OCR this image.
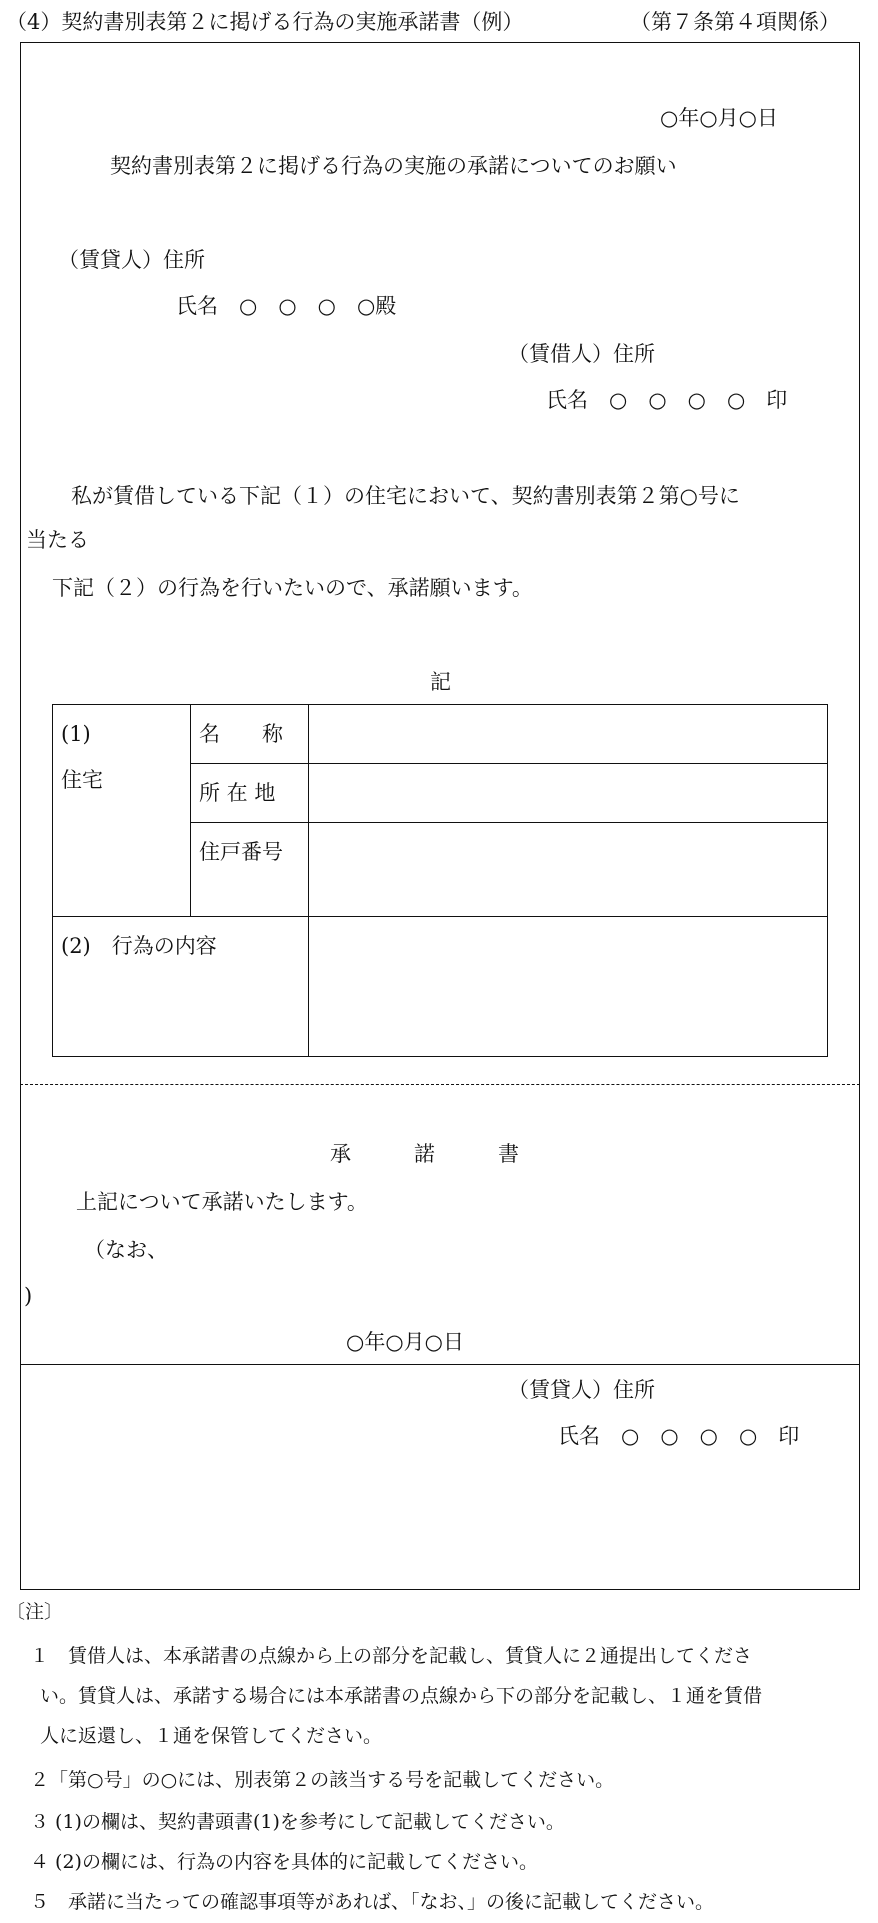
（4）契約書別表第２に掲げる行為の実施承諾書（例）	（第７条第４項関係）
○年○月○日
契約書別表第２に掲げる行為の実施の承諾についてのお願い
（賃貸人）住所
氏名　○　○　○　○殿
（賃借人）住所
氏名　○　○　○　○　印
　私が賃借している下記（１）の住宅において、契約書別表第２第○号に
当たる
下記（２）の行為を行いたいので、承諾願います。
記
(1)　住宅	名　　称	
	所 在 地	
	住戸番号	
(2)　行為の内容		
承　　　諾　　　書
上記について承諾いたします。
（なお、
)
○年○月○日
（賃貸人）住所
氏名　○　○　○　○　印
〔注〕
１　賃借人は、本承諾書の点線から上の部分を記載し、賃貸人に２通提出してくださ
い。賃貸人は、承諾する場合には本承諾書の点線から下の部分を記載し、１通を賃借
人に返還し、１通を保管してください。
２「第○号」の○には、別表第２の該当する号を記載してください。
３ (1)の欄は、契約書頭書(1)を参考にして記載してください。
４ (2)の欄には、行為の内容を具体的に記載してください。
５　承諾に当たっての確認事項等があれば、「なお、」の後に記載してください。
